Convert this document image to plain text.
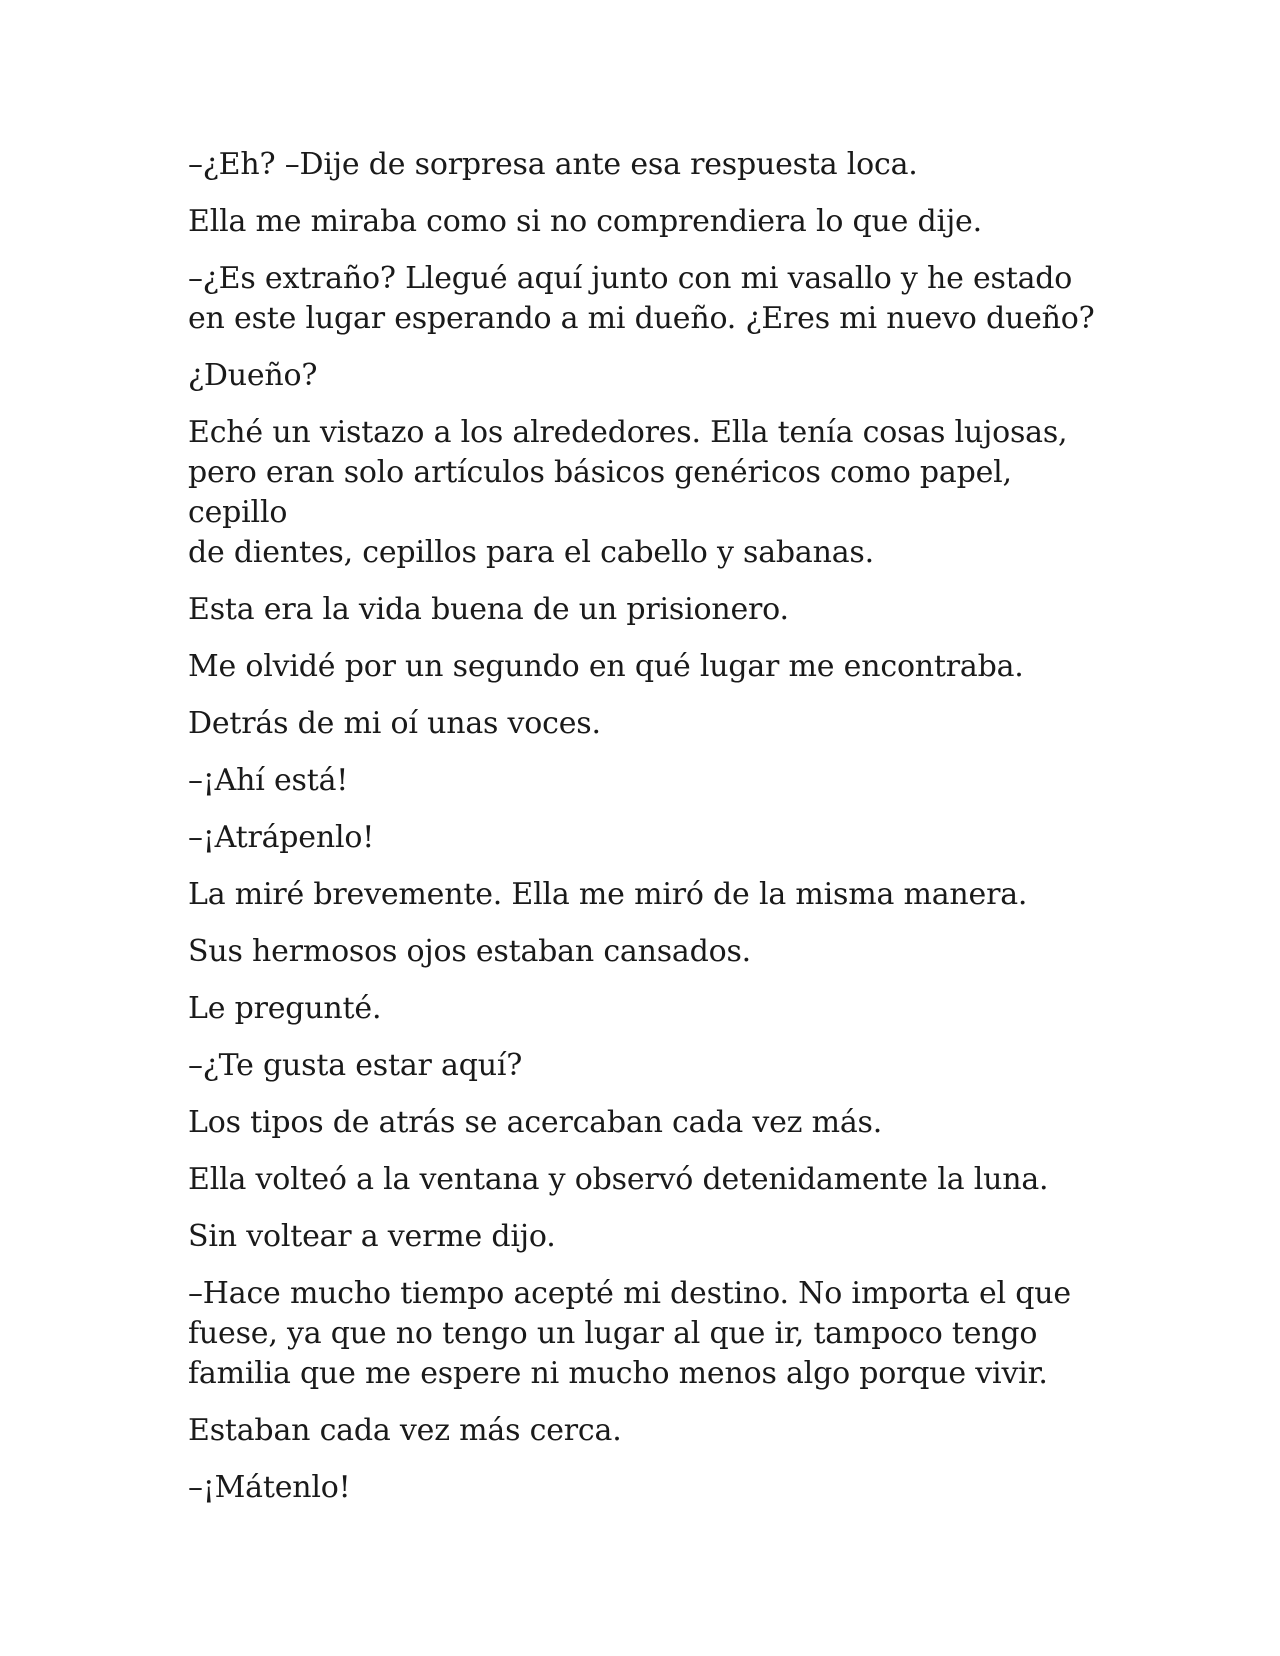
–¿Eh? –Dije de sorpresa ante esa respuesta loca.

Ella me miraba como si no comprendiera lo que dije.

–¿Es extraño? Llegué aquí junto con mi vasallo y he estado
en este lugar esperando a mi dueño. ¿Eres mi nuevo dueño?

¿Dueño?

Eché un vistazo a los alrededores. Ella tenía cosas lujosas,
pero eran solo artículos básicos genéricos como papel, cepillo
de dientes, cepillos para el cabello y sabanas.

Esta era la vida buena de un prisionero.

Me olvidé por un segundo en qué lugar me encontraba.

Detrás de mi oí unas voces.

–¡Ahí está!

–¡Atrápenlo!

La miré brevemente. Ella me miró de la misma manera.

Sus hermosos ojos estaban cansados.

Le pregunté.

–¿Te gusta estar aquí?

Los tipos de atrás se acercaban cada vez más.

Ella volteó a la ventana y observó detenidamente la luna.

Sin voltear a verme dijo.

–Hace mucho tiempo acepté mi destino. No importa el que
fuese, ya que no tengo un lugar al que ir, tampoco tengo
familia que me espere ni mucho menos algo porque vivir.

Estaban cada vez más cerca.

–¡Mátenlo!
